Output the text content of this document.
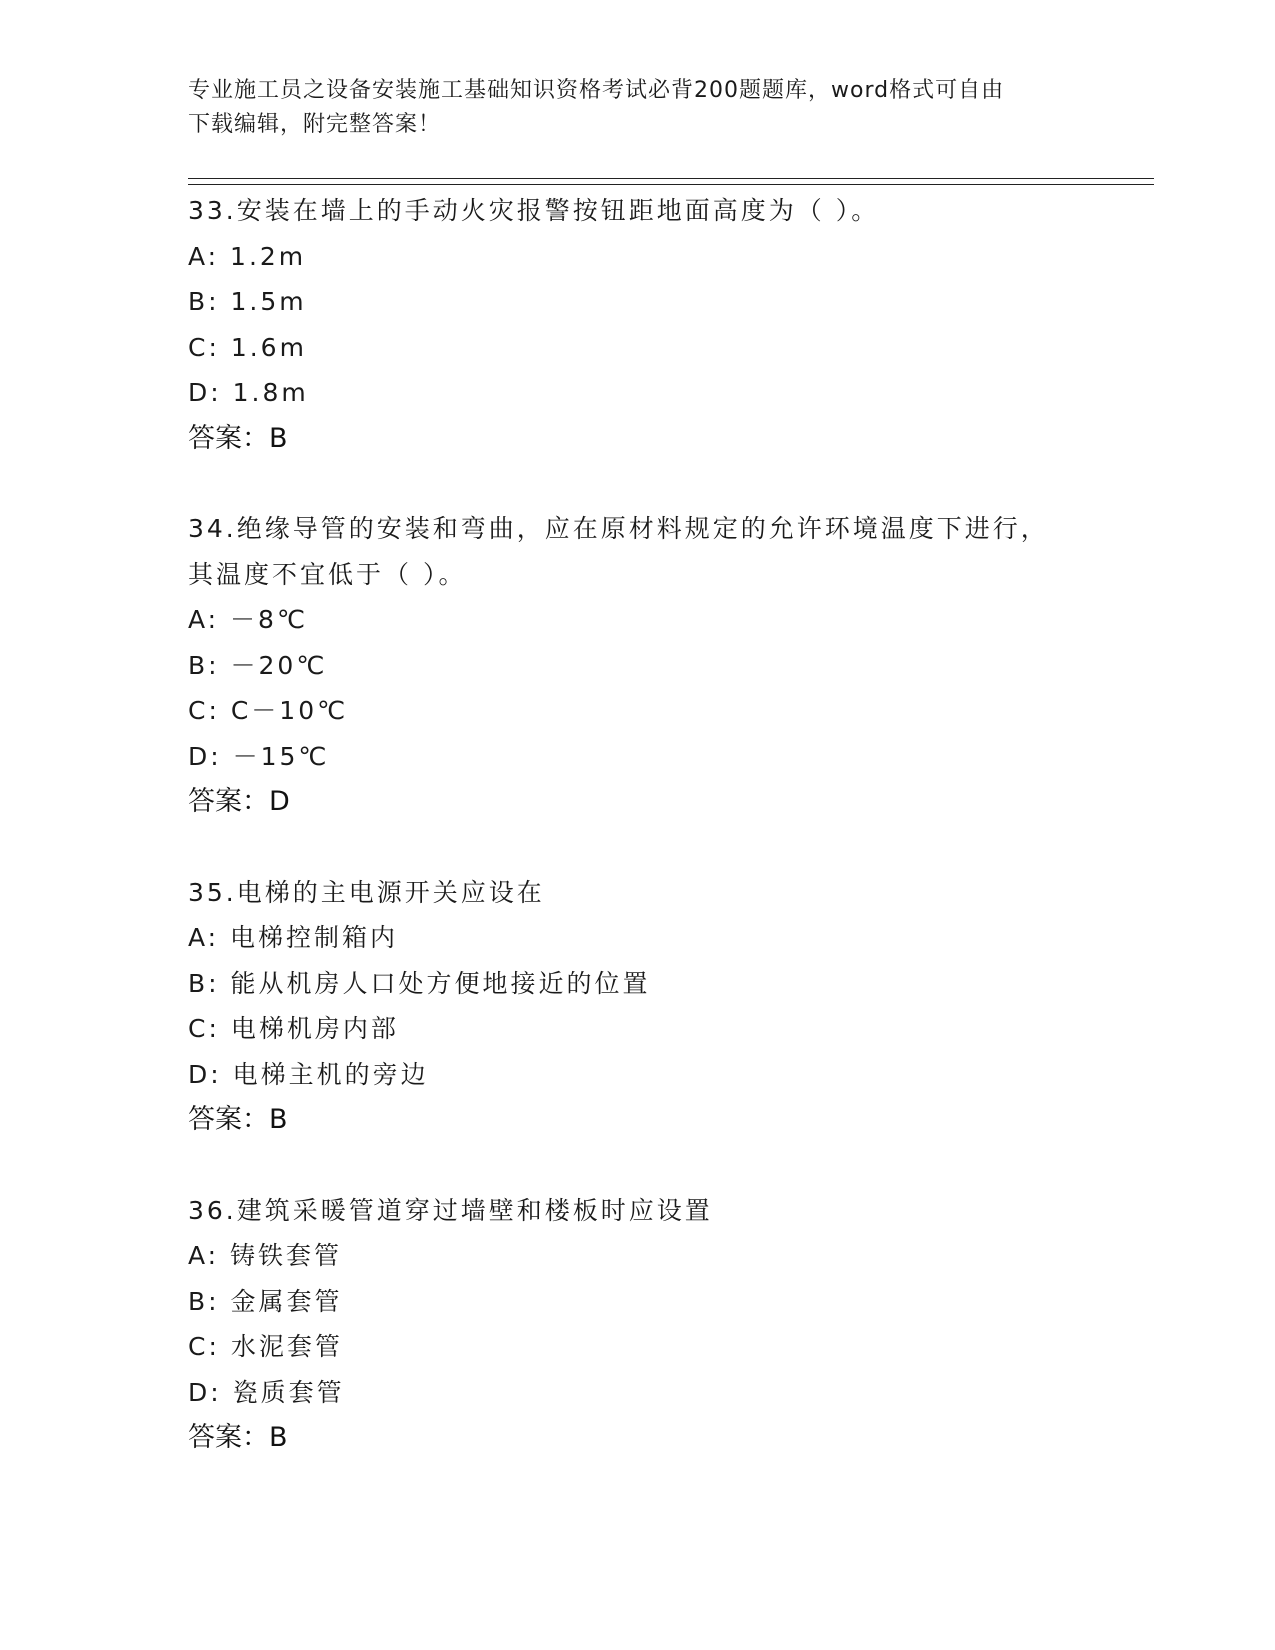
专业施工员之设备安装施工基础知识资格考试必背200题题库，word格式可自由
下载编辑，附完整答案！
33.安装在墙上的手动火灾报警按钮距地面高度为（ ）。
A: 1.2m
B: 1.5m
C: 1.6m
D: 1.8m
答案：B
34.绝缘导管的安装和弯曲，应在原材料规定的允许环境温度下进行，
其温度不宜低于（ ）。
A: －8℃
B: －20℃
C: C－10℃
D: －15℃
答案：D
35.电梯的主电源开关应设在
A: 电梯控制箱内
B: 能从机房人口处方便地接近的位置
C: 电梯机房内部
D: 电梯主机的旁边
答案：B
36.建筑采暖管道穿过墙壁和楼板时应设置
A: 铸铁套管
B: 金属套管
C: 水泥套管
D: 瓷质套管
答案：B
